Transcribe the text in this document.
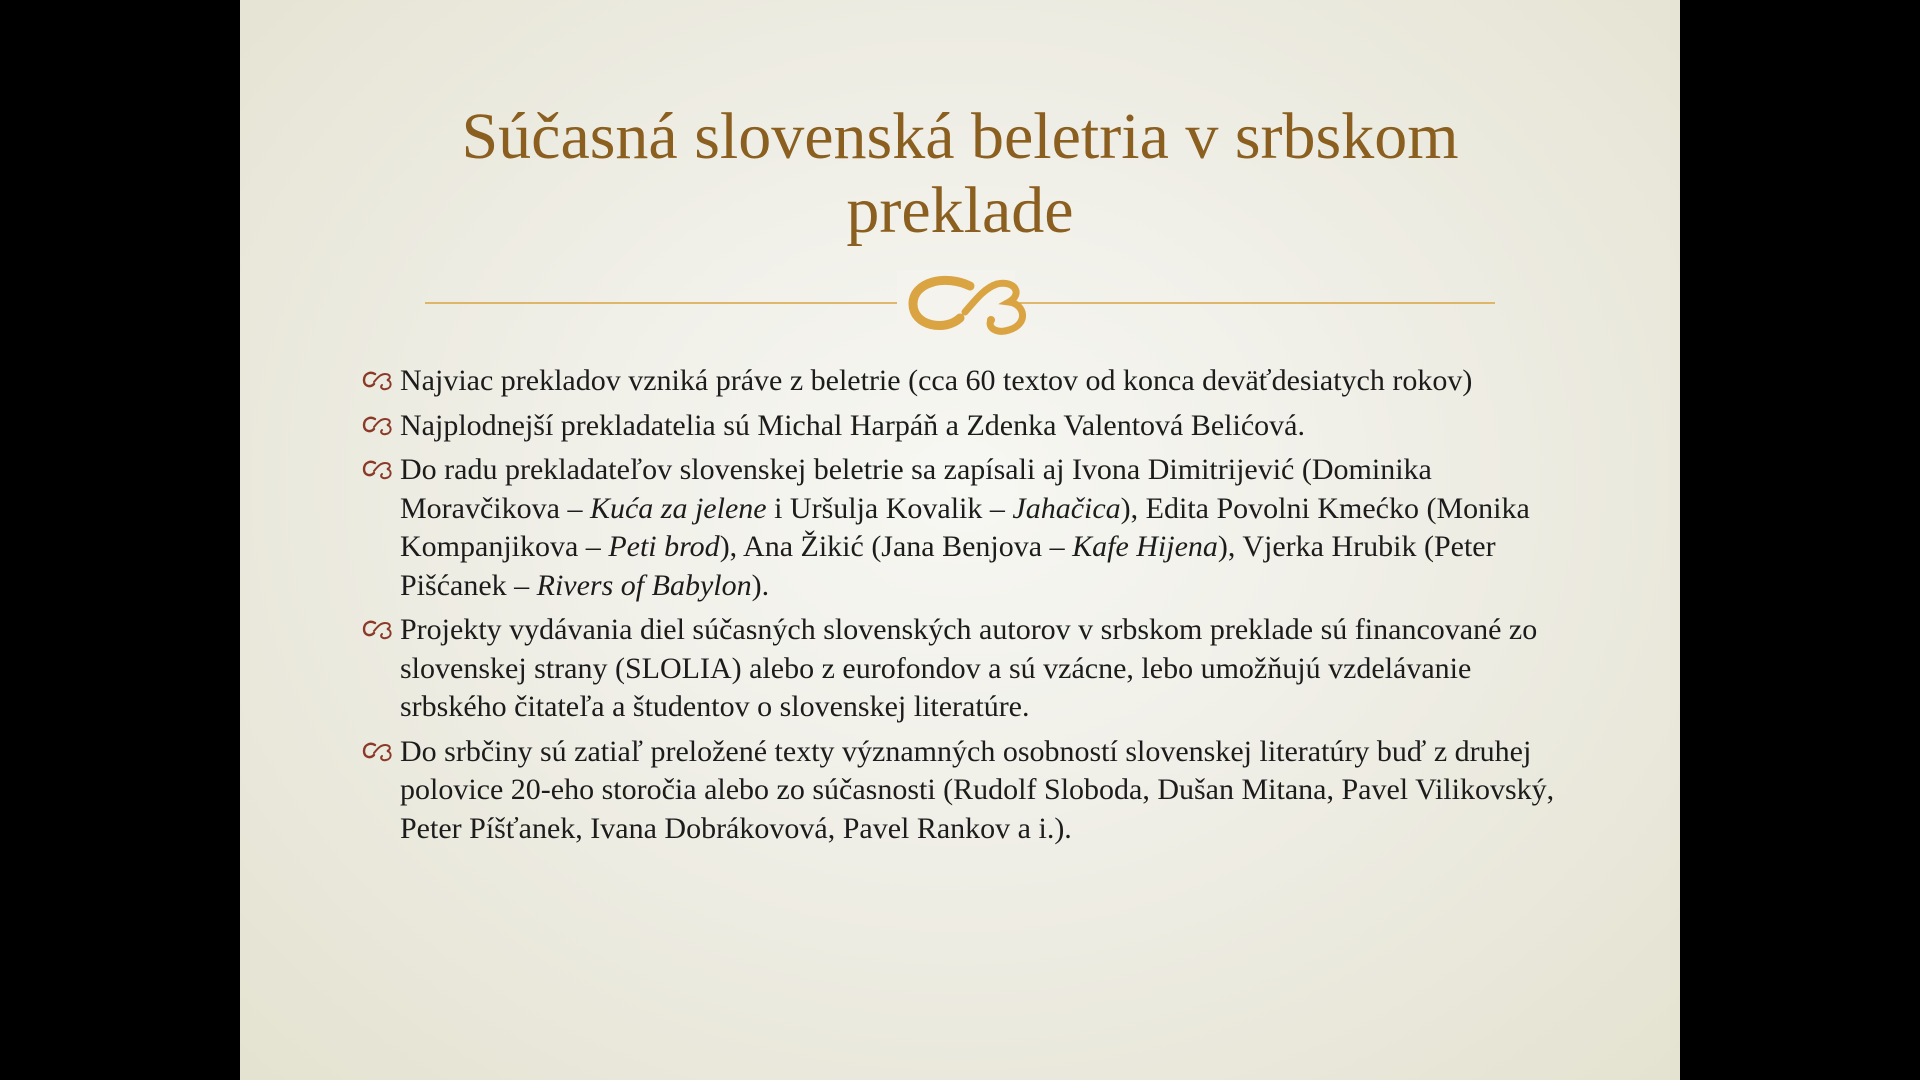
Súčasná slovenská beletria v srbskom preklade
Najviac prekladov vzniká práve z beletrie (cca 60 textov od konca deväťdesiatych rokov)
Najplodnejší prekladatelia sú Michal Harpáň a Zdenka Valentová Belićová.
Do radu prekladateľov slovenskej beletrie sa zapísali aj Ivona Dimitrijević (Dominika Moravčikova – Kuća za jelene i Uršulja Kovalik – Jahačica), Edita Povolni Kmećko (Monika Kompanjikova – Peti brod), Ana Žikić (Jana Benjova – Kafe Hijena), Vjerka Hrubik (Peter Pišćanek – Rivers of Babylon).
Projekty vydávania diel súčasných slovenských autorov v srbskom preklade sú financované zo slovenskej strany (SLOLIA) alebo z eurofondov a sú vzácne, lebo umožňujú vzdelávanie srbského čitateľa a študentov o slovenskej literatúre.
Do srbčiny sú zatiaľ preložené texty významných osobností slovenskej literatúry buď z druhej polovice 20-eho storočia alebo zo súčasnosti (Rudolf Sloboda, Dušan Mitana, Pavel Vilikovský, Peter Píšťanek, Ivana Dobrákovová, Pavel Rankov a i.).
